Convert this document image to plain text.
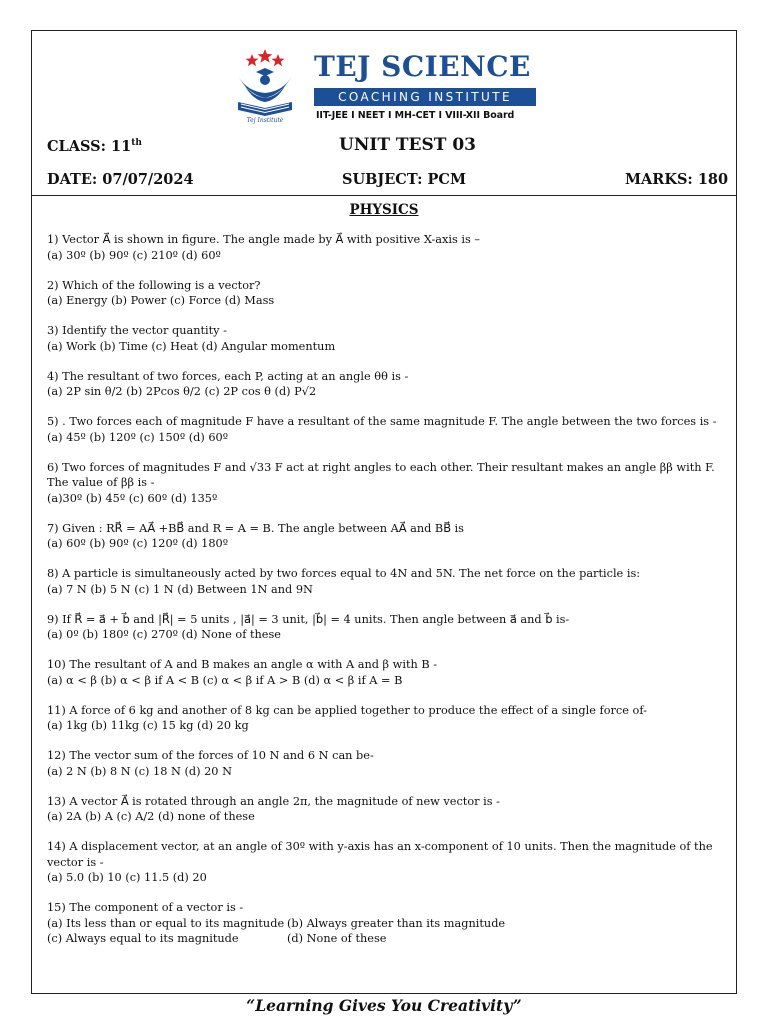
Tej Institute
TEJ SCIENCE
COACHING INSTITUTE
IIT-JEE I NEET I MH-CET I VIII-XII Board
CLASS: 11th	UNIT TEST 03
DATE: 07/07/2024	SUBJECT: PCM	MARKS: 180
PHYSICS

1) Vector A⃗ is shown in figure. The angle made by A⃗ with positive X-axis is –

(a) 30º (b) 90º (c) 210º (d) 60º

2) Which of the following is a vector?

(a) Energy (b) Power (c) Force (d) Mass

3) Identify the vector quantity -

(a) Work (b) Time (c) Heat (d) Angular momentum

4) The resultant of two forces, each P, acting at an angle θθ is -

(a) 2P sin θ/2 (b) 2Pcos θ/2 (c) 2P cos θ (d) P√2

5) . Two forces each of magnitude F have a resultant of the same magnitude F. The angle between the two forces is -

(a) 45º (b) 120º (c) 150º (d) 60º

6) Two forces of magnitudes F and √33 F act at right angles to each other. Their resultant makes an angle ββ with F. The value of ββ is -

(a)30º (b) 45º (c) 60º (d) 135º

7) Given : RR⃗ = AA⃗ +BB⃗ and R = A = B. The angle between AA⃗ and BB⃗ is

(a) 60º (b) 90º (c) 120º (d) 180º

8) A particle is simultaneously acted by two forces equal to 4N and 5N. The net force on the particle is:

(a) 7 N (b) 5 N (c) 1 N (d) Between 1N and 9N

9) If R⃗ = a⃗ + b⃗ and |R⃗| = 5 units , |a⃗| = 3 unit, |b⃗| = 4 units. Then angle between a⃗ and b⃗ is-

(a) 0º (b) 180º (c) 270º (d) None of these

10) The resultant of A and B makes an angle α with A and β with B -

(a) α < β (b) α < β if A < B (c) α < β if A > B (d) α < β if A = B

11) A force of 6 kg and another of 8 kg can be applied together to produce the effect of a single force of-

(a) 1kg (b) 11kg (c) 15 kg (d) 20 kg

12) The vector sum of the forces of 10 N and 6 N can be-

(a) 2 N (b) 8 N (c) 18 N (d) 20 N

13) A vector A⃗ is rotated through an angle 2π, the magnitude of new vector is -

(a) 2A (b) A (c) A/2 (d) none of these

14) A displacement vector, at an angle of 30º with y-axis has an x-component of 10 units. Then the magnitude of the vector is -

(a) 5.0 (b) 10 (c) 11.5 (d) 20

15) The component of a vector is -

(a) Its less than or equal to its magnitude (b) Always greater than its magnitude

(c) Always equal to its magnitude	(d) None of these

“Learning Gives You Creativity”
